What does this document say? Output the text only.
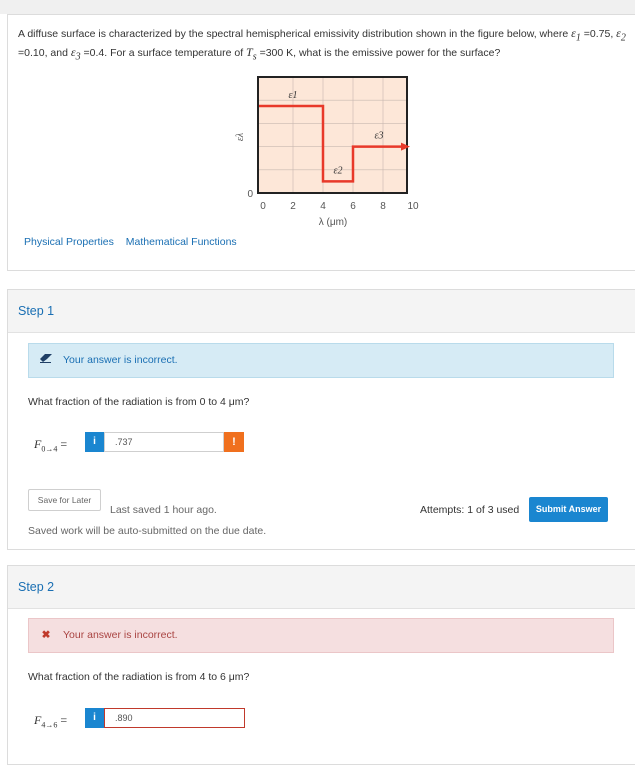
A diffuse surface is characterized by the spectral hemispherical emissivity distribution shown in the figure below, where $\varepsilon_1 =0.75$, $\varepsilon_2 =0.10$, and $\varepsilon_3 =0.4$. For a surface temperature of $T_s =300$ K, what is the emissive power for the surface?
ε1
ε2
ε3
0 2 4 6 8 10
0
ελ
λ (μm)
Physical Properties Mathematical Functions
Step 1
Your answer is incorrect.
What fraction of the radiation is from 0 to 4 μm?
$F_{0\to 4}$ =	i	.737	!
Save for Later
Last saved 1 hour ago.
Saved work will be auto-submitted on the due date.
Attempts: 1 of 3 used	Submit Answer
Step 2
✖ Your answer is incorrect.
What fraction of the radiation is from 4 to 6 μm?
$F_{4\to 6}$ =	i	.890
